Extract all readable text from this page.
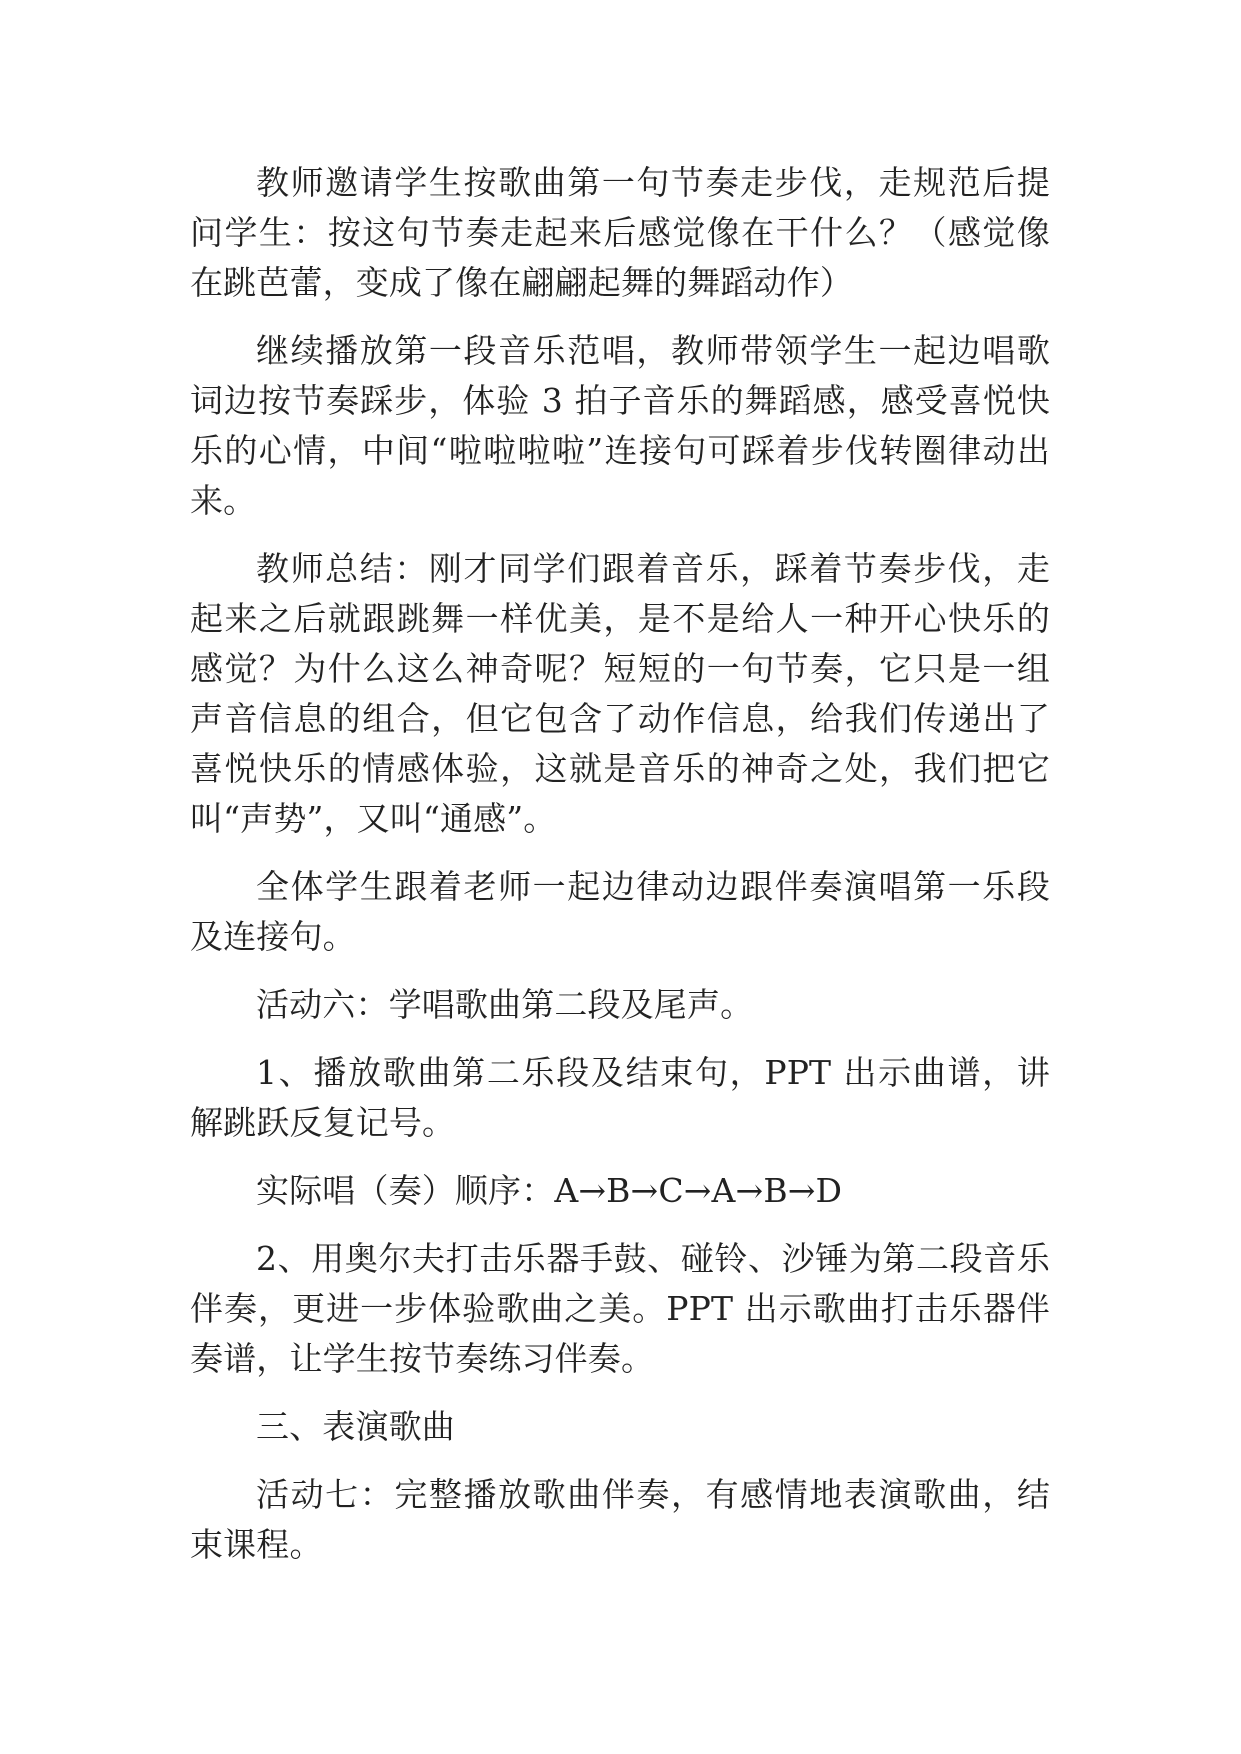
教师邀请学生按歌曲第一句节奏走步伐，走规范后提问学生：按这句节奏走起来后感觉像在干什么？（感觉像在跳芭蕾，变成了像在翩翩起舞的舞蹈动作）

继续播放第一段音乐范唱，教师带领学生一起边唱歌词边按节奏踩步，体验 3 拍子音乐的舞蹈感，感受喜悦快乐的心情，中间“啦啦啦啦”连接句可踩着步伐转圈律动出来。

教师总结：刚才同学们跟着音乐，踩着节奏步伐，走起来之后就跟跳舞一样优美，是不是给人一种开心快乐的感觉？为什么这么神奇呢？短短的一句节奏，它只是一组声音信息的组合，但它包含了动作信息，给我们传递出了喜悦快乐的情感体验，这就是音乐的神奇之处，我们把它叫“声势”，又叫“通感”。

全体学生跟着老师一起边律动边跟伴奏演唱第一乐段及连接句。

活动六：学唱歌曲第二段及尾声。

1、播放歌曲第二乐段及结束句，PPT 出示曲谱，讲解跳跃反复记号。

实际唱（奏）顺序：A→B→C→A→B→D

2、用奥尔夫打击乐器手鼓、碰铃、沙锤为第二段音乐伴奏，更进一步体验歌曲之美。PPT 出示歌曲打击乐器伴奏谱，让学生按节奏练习伴奏。

三、表演歌曲

活动七：完整播放歌曲伴奏，有感情地表演歌曲，结束课程。
